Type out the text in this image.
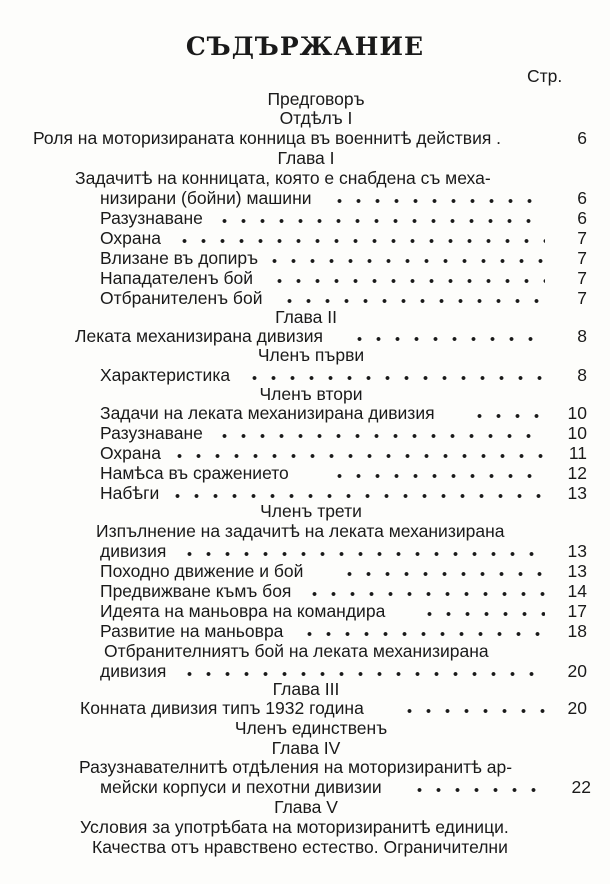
СЪДЪРЖАНИЕ
Стр.
Предговоръ
Отдѣлъ I
Роля на моторизираната конница въ военнитѣ действия .	6
Глава I
Задачитѣ на конницата, която е снабдена съ меха-
низирани (бойни) машини	6
Разузнаване	6
Охрана	7
Влизане въ допиръ	7
Нападателенъ бой	7
Отбранителенъ бой	7
Глава II
Леката механизирана дивизия	8
Членъ първи
Характеристика	8
Членъ втори
Задачи на леката механизирана дивизия	10
Разузнаване	10
Охрана	11
Намѣса въ сражението	12
Набѣги	13
Членъ трети
Изпълнение на задачитѣ на леката механизирана
дивизия	13
Походно движение и бой	13
Предвижване къмъ боя	14
Идеята на маньовра на командира	17
Развитие на маньовра	18
Отбранителниятъ бой на леката механизирана
дивизия	20
Глава III
Конната дивизия типъ 1932 година	20
Членъ единственъ
Глава IV
Разузнавателнитѣ отдѣления на моторизиранитѣ ар-
мейски корпуси и пехотни дивизии	22
Глава V
Условия за употрѣбата на моторизиранитѣ единици.
Качества отъ нравствено естество. Ограничителни
